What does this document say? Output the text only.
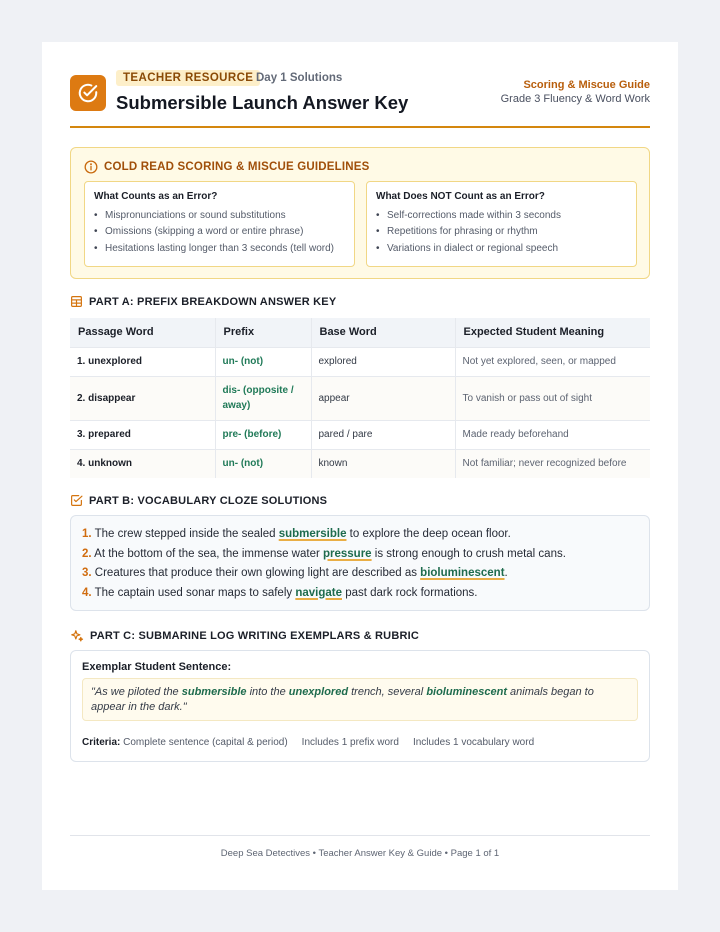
TEACHER RESOURCE Day 1 Solutions
Submersible Launch Answer Key
Scoring & Miscue Guide
Grade 3 Fluency & Word Work
COLD READ SCORING & MISCUE GUIDELINES
What Counts as an Error?
• Mispronunciations or sound substitutions
• Omissions (skipping a word or entire phrase)
• Hesitations lasting longer than 3 seconds (tell word)
What Does NOT Count as an Error?
• Self-corrections made within 3 seconds
• Repetitions for phrasing or rhythm
• Variations in dialect or regional speech
PART A: PREFIX BREAKDOWN ANSWER KEY
Passage Word	Prefix	Base Word	Expected Student Meaning
1. unexplored	un- (not)	explored	Not yet explored, seen, or mapped
2. disappear	dis- (opposite / away)	appear	To vanish or pass out of sight
3. prepared	pre- (before)	pared / pare	Made ready beforehand
4. unknown	un- (not)	known	Not familiar; never recognized before
PART B: VOCABULARY CLOZE SOLUTIONS

1. The crew stepped inside the sealed submersible to explore the deep ocean floor.

2. At the bottom of the sea, the immense water pressure is strong enough to crush metal cans.

3. Creatures that produce their own glowing light are described as bioluminescent.

4. The captain used sonar maps to safely navigate past dark rock formations.

PART C: SUBMARINE LOG WRITING EXEMPLARS & RUBRIC
Exemplar Student Sentence:
"As we piloted the submersible into the unexplored trench, several bioluminescent animals began to appear in the dark."
Criteria: Complete sentence (capital & period) Includes 1 prefix word Includes 1 vocabulary word
Deep Sea Detectives • Teacher Answer Key & Guide • Page 1 of 1
